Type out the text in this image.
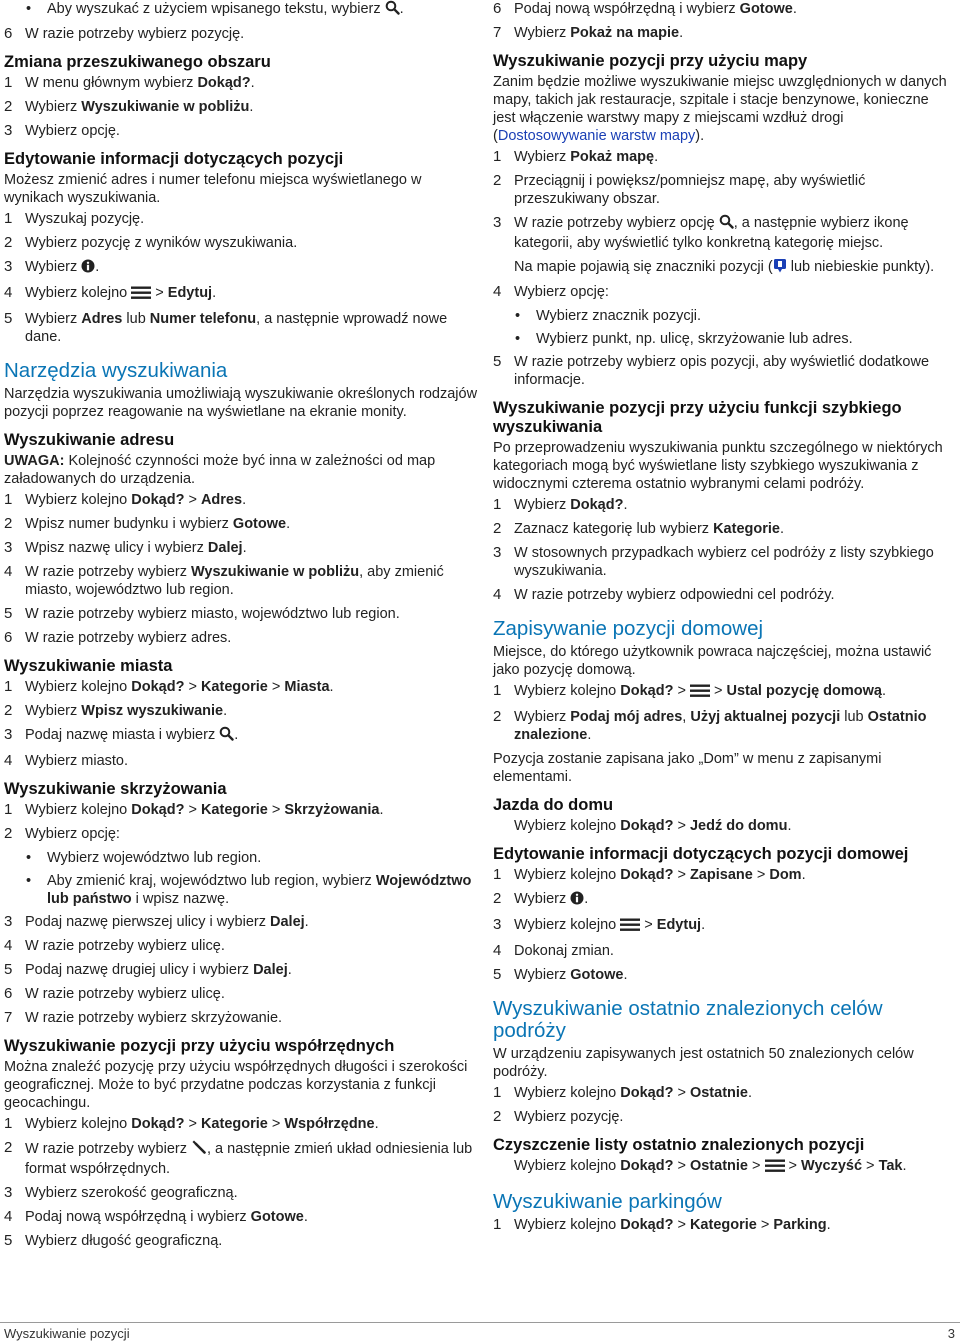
• Aby wyszukać z użyciem wpisanego tekstu, wybierz .
6 W razie potrzeby wybierz pozycję.
Zmiana przeszukiwanego obszaru
1 W menu głównym wybierz Dokąd?.
2 Wybierz Wyszukiwanie w pobliżu.
3 Wybierz opcję.
Edytowanie informacji dotyczących pozycji
Możesz zmienić adres i numer telefonu miejsca wyświetlanego w wynikach wyszukiwania.
1 Wyszukaj pozycję.
2 Wybierz pozycję z wyników wyszukiwania.
3 Wybierz .
4 Wybierz kolejno  > Edytuj.
5 Wybierz Adres lub Numer telefonu, a następnie wprowadź nowe dane.
Narzędzia wyszukiwania
Narzędzia wyszukiwania umożliwiają wyszukiwanie określonych rodzajów pozycji poprzez reagowanie na wyświetlane na ekranie monity.
Wyszukiwanie adresu
UWAGA: Kolejność czynności może być inna w zależności od map załadowanych do urządzenia.
1 Wybierz kolejno Dokąd? > Adres.
2 Wpisz numer budynku i wybierz Gotowe.
3 Wpisz nazwę ulicy i wybierz Dalej.
4 W razie potrzeby wybierz Wyszukiwanie w pobliżu, aby zmienić miasto, województwo lub region.
5 W razie potrzeby wybierz miasto, województwo lub region.
6 W razie potrzeby wybierz adres.
Wyszukiwanie miasta
1 Wybierz kolejno Dokąd? > Kategorie > Miasta.
2 Wybierz Wpisz wyszukiwanie.
3 Podaj nazwę miasta i wybierz .
4 Wybierz miasto.
Wyszukiwanie skrzyżowania
1 Wybierz kolejno Dokąd? > Kategorie > Skrzyżowania.
2 Wybierz opcję:
• Wybierz województwo lub region.
• Aby zmienić kraj, województwo lub region, wybierz Województwo lub państwo i wpisz nazwę.
3 Podaj nazwę pierwszej ulicy i wybierz Dalej.
4 W razie potrzeby wybierz ulicę.
5 Podaj nazwę drugiej ulicy i wybierz Dalej.
6 W razie potrzeby wybierz ulicę.
7 W razie potrzeby wybierz skrzyżowanie.
Wyszukiwanie pozycji przy użyciu współrzędnych
Można znaleźć pozycję przy użyciu współrzędnych długości i szerokości geograficznej. Może to być przydatne podczas korzystania z funkcji geocachingu.
1 Wybierz kolejno Dokąd? > Kategorie > Współrzędne.
2 W razie potrzeby wybierz , a następnie zmień układ odniesienia lub format współrzędnych.
3 Wybierz szerokość geograficzną.
4 Podaj nową współrzędną i wybierz Gotowe.
5 Wybierz długość geograficzną.
6 Podaj nową współrzędną i wybierz Gotowe.
7 Wybierz Pokaż na mapie.
Wyszukiwanie pozycji przy użyciu mapy
Zanim będzie możliwe wyszukiwanie miejsc uwzględnionych w danych mapy, takich jak restauracje, szpitale i stacje benzynowe, konieczne jest włączenie warstwy mapy z miejscami wzdłuż drogi (Dostosowywanie warstw mapy).
1 Wybierz Pokaż mapę.
2 Przeciągnij i powiększ/pomniejsz mapę, aby wyświetlić przeszukiwany obszar.
3 W razie potrzeby wybierz opcję , a następnie wybierz ikonę kategorii, aby wyświetlić tylko konkretną kategorię miejsc.
Na mapie pojawią się znaczniki pozycji ( lub niebieskie punkty).
4 Wybierz opcję:
• Wybierz znacznik pozycji.
• Wybierz punkt, np. ulicę, skrzyżowanie lub adres.
5 W razie potrzeby wybierz opis pozycji, aby wyświetlić dodatkowe informacje.
Wyszukiwanie pozycji przy użyciu funkcji szybkiego wyszukiwania
Po przeprowadzeniu wyszukiwania punktu szczególnego w niektórych kategoriach mogą być wyświetlane listy szybkiego wyszukiwania z widocznymi czterema ostatnio wybranymi celami podróży.
1 Wybierz Dokąd?.
2 Zaznacz kategorię lub wybierz Kategorie.
3 W stosownych przypadkach wybierz cel podróży z listy szybkiego wyszukiwania.
4 W razie potrzeby wybierz odpowiedni cel podróży.
Zapisywanie pozycji domowej
Miejsce, do którego użytkownik powraca najczęściej, można ustawić jako pozycję domową.
1 Wybierz kolejno Dokąd? >  > Ustal pozycję domową.
2 Wybierz Podaj mój adres, Użyj aktualnej pozycji lub Ostatnio znalezione.
Pozycja zostanie zapisana jako „Dom” w menu z zapisanymi elementami.
Jazda do domu
Wybierz kolejno Dokąd? > Jedź do domu.
Edytowanie informacji dotyczących pozycji domowej
1 Wybierz kolejno Dokąd? > Zapisane > Dom.
2 Wybierz .
3 Wybierz kolejno  > Edytuj.
4 Dokonaj zmian.
5 Wybierz Gotowe.
Wyszukiwanie ostatnio znalezionych celów podróży
W urządzeniu zapisywanych jest ostatnich 50 znalezionych celów podróży.
1 Wybierz kolejno Dokąd? > Ostatnie.
2 Wybierz pozycję.
Czyszczenie listy ostatnio znalezionych pozycji
Wybierz kolejno Dokąd? > Ostatnie >  > Wyczyść > Tak.
Wyszukiwanie parkingów
1 Wybierz kolejno Dokąd? > Kategorie > Parking.
Wyszukiwanie pozycji	3
